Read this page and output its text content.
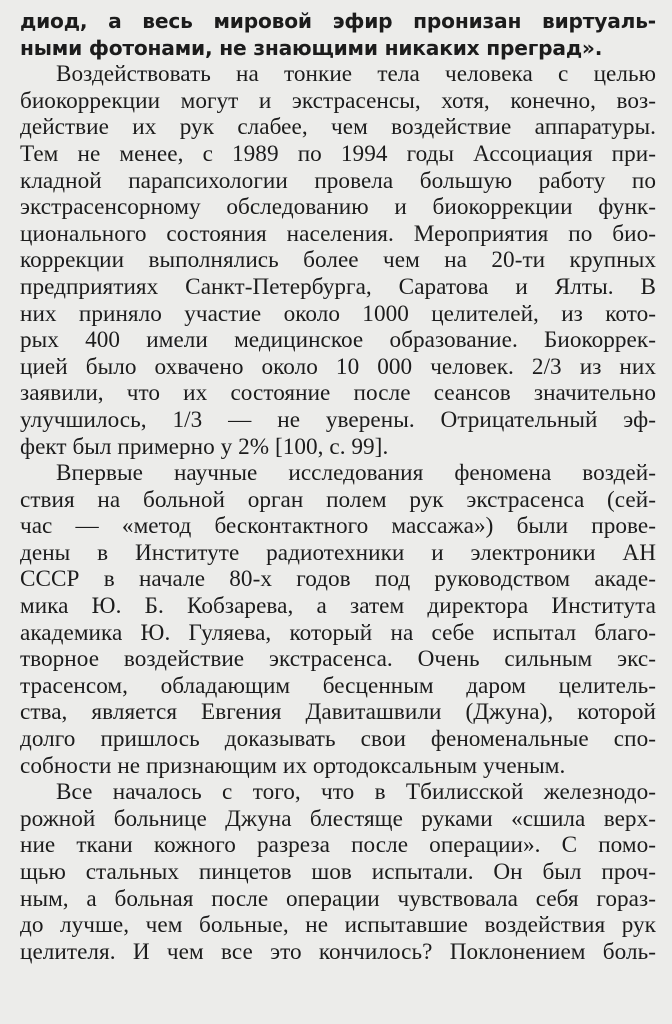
диод, а весь мировой эфир пронизан виртуаль-
ными фотонами, не знающими никаких преград».
Воздействовать на тонкие тела человека с целью
биокоррекции могут и экстрасенсы, хотя, конечно, воз-
действие их рук слабее, чем воздействие аппаратуры.
Тем не менее, с 1989 по 1994 годы Ассоциация при-
кладной парапсихологии провела большую работу по
экстрасенсорному обследованию и биокоррекции функ-
ционального состояния населения. Мероприятия по био-
коррекции выполнялись более чем на 20-ти крупных
предприятиях Санкт-Петербурга, Саратова и Ялты. В
них приняло участие около 1000 целителей, из кото-
рых 400 имели медицинское образование. Биокоррек-
цией было охвачено около 10 000 человек. 2/3 из них
заявили, что их состояние после сеансов значительно
улучшилось, 1/3 — не уверены. Отрицательный эф-
фект был примерно у 2% [100, с. 99].
Впервые научные исследования феномена воздей-
ствия на больной орган полем рук экстрасенса (сей-
час — «метод бесконтактного массажа») были прове-
дены в Институте радиотехники и электроники АН
СССР в начале 80-х годов под руководством акаде-
мика Ю. Б. Кобзарева, а затем директора Института
академика Ю. Гуляева, который на себе испытал благо-
творное воздействие экстрасенса. Очень сильным экс-
трасенсом, обладающим бесценным даром целитель-
ства, является Евгения Давиташвили (Джуна), которой
долго пришлось доказывать свои феноменальные спо-
собности не признающим их ортодоксальным ученым.
Все началось с того, что в Тбилисской железнодо-
рожной больнице Джуна блестяще руками «сшила верх-
ние ткани кожного разреза после операции». С помо-
щью стальных пинцетов шов испытали. Он был проч-
ным, а больная после операции чувствовала себя гораз-
до лучше, чем больные, не испытавшие воздействия рук
целителя. И чем все это кончилось? Поклонением боль-
